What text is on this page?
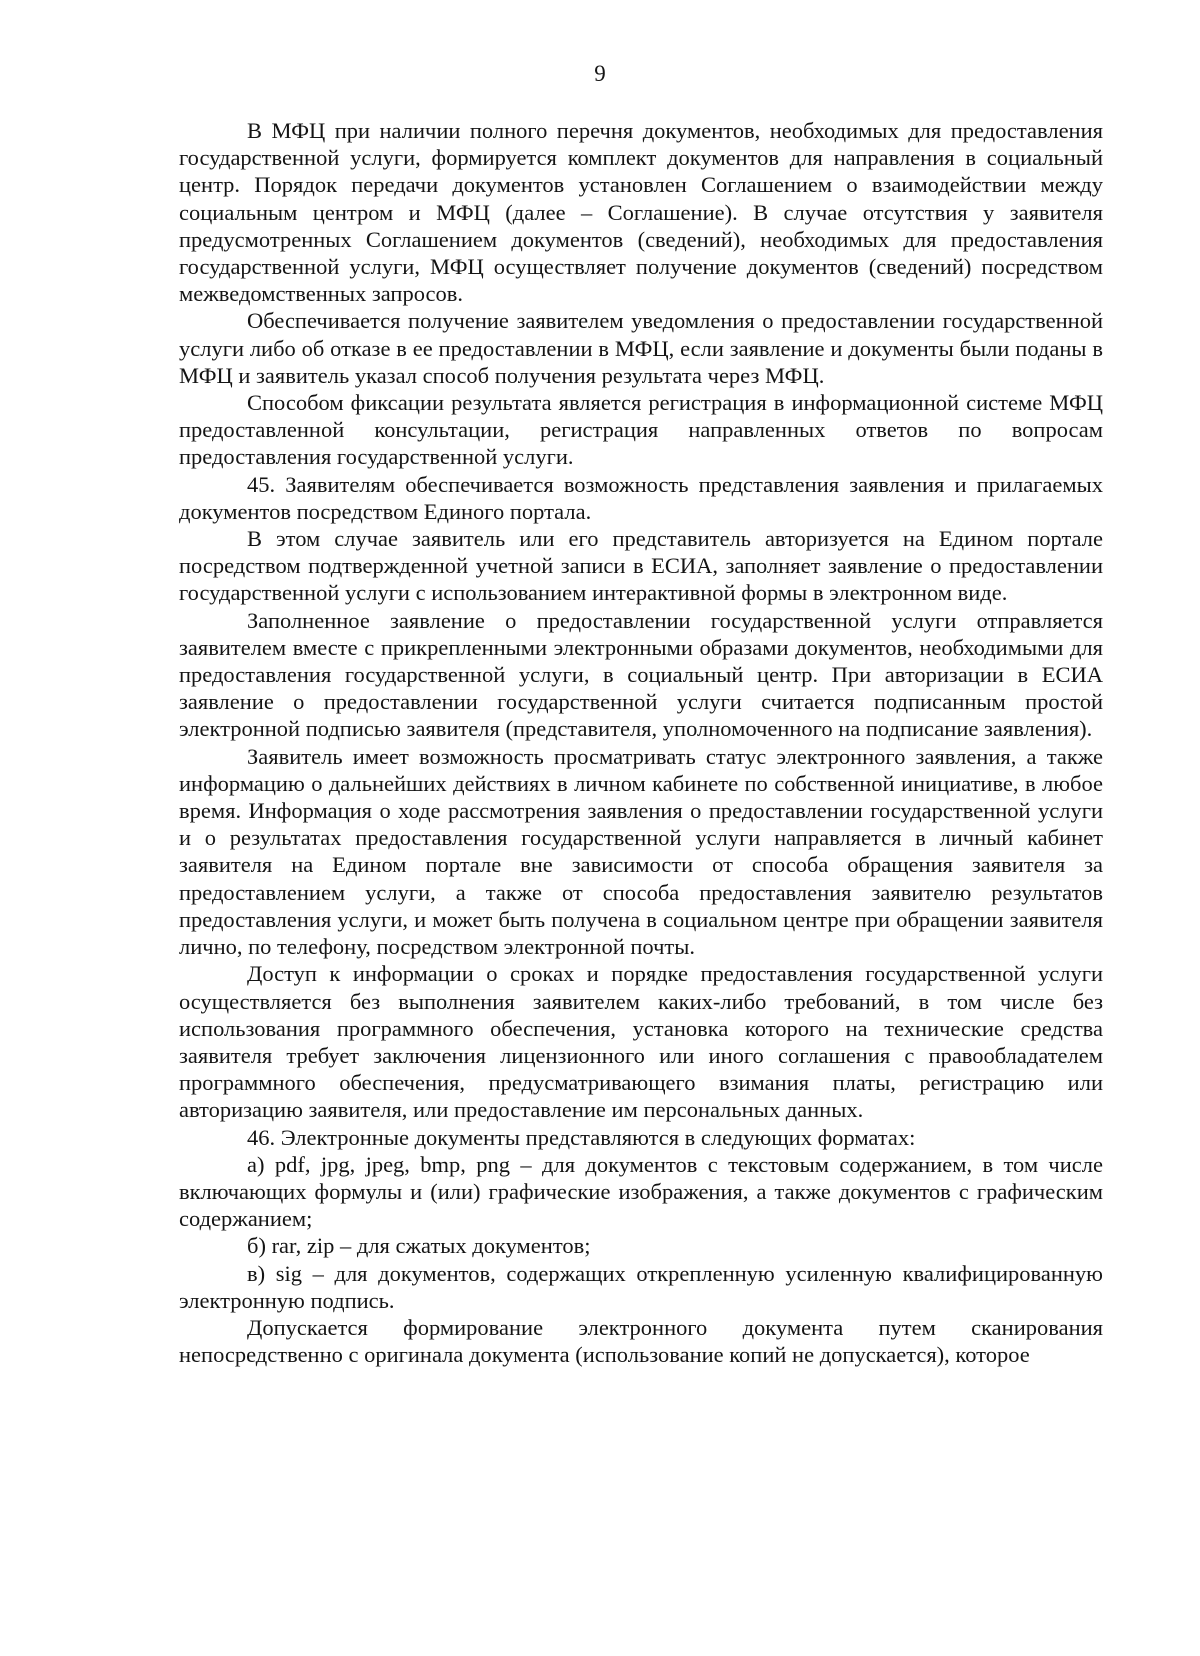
9

В МФЦ при наличии полного перечня документов, необходимых для предоставления государственной услуги, формируется комплект документов для направления в социальный центр. Порядок передачи документов установлен Соглашением о взаимодействии между социальным центром и МФЦ (далее – Соглашение). В случае отсутствия у заявителя предусмотренных Соглашением документов (сведений), необходимых для предоставления государственной услуги, МФЦ осуществляет получение документов (сведений) посредством межведомственных запросов.

Обеспечивается получение заявителем уведомления о предоставлении государственной услуги либо об отказе в ее предоставлении в МФЦ, если заявление и документы были поданы в МФЦ и заявитель указал способ получения результата через МФЦ.

Способом фиксации результата является регистрация в информационной системе МФЦ предоставленной консультации, регистрация направленных ответов по вопросам предоставления государственной услуги.

45. Заявителям обеспечивается возможность представления заявления и прилагаемых документов посредством Единого портала.

В этом случае заявитель или его представитель авторизуется на Едином портале посредством подтвержденной учетной записи в ЕСИА, заполняет заявление о предоставлении государственной услуги с использованием интерактивной формы в электронном виде.

Заполненное заявление о предоставлении государственной услуги отправляется заявителем вместе с прикрепленными электронными образами документов, необходимыми для предоставления государственной услуги, в социальный центр. При авторизации в ЕСИА заявление о предоставлении государственной услуги считается подписанным простой электронной подписью заявителя (представителя, уполномоченного на подписание заявления).

Заявитель имеет возможность просматривать статус электронного заявления, а также информацию о дальнейших действиях в личном кабинете по собственной инициативе, в любое время. Информация о ходе рассмотрения заявления о предоставлении государственной услуги и о результатах предоставления государственной услуги направляется в личный кабинет заявителя на Едином портале вне зависимости от способа обращения заявителя за предоставлением услуги, а также от способа предоставления заявителю результатов предоставления услуги, и может быть получена в социальном центре при обращении заявителя лично, по телефону, посредством электронной почты.

Доступ к информации о сроках и порядке предоставления государственной услуги осуществляется без выполнения заявителем каких-либо требований, в том числе без использования программного обеспечения, установка которого на технические средства заявителя требует заключения лицензионного или иного соглашения с правообладателем программного обеспечения, предусматривающего взимания платы, регистрацию или авторизацию заявителя, или предоставление им персональных данных.

46. Электронные документы представляются в следующих форматах:

а) pdf, jpg, jpeg, bmp, png – для документов с текстовым содержанием, в том числе включающих формулы и (или) графические изображения, а также документов с графическим содержанием;

б) rar, zip – для сжатых документов;

в) sig – для документов, содержащих открепленную усиленную квалифицированную электронную подпись.

Допускается формирование электронного документа путем сканирования непосредственно с оригинала документа (использование копий не допускается), которое
